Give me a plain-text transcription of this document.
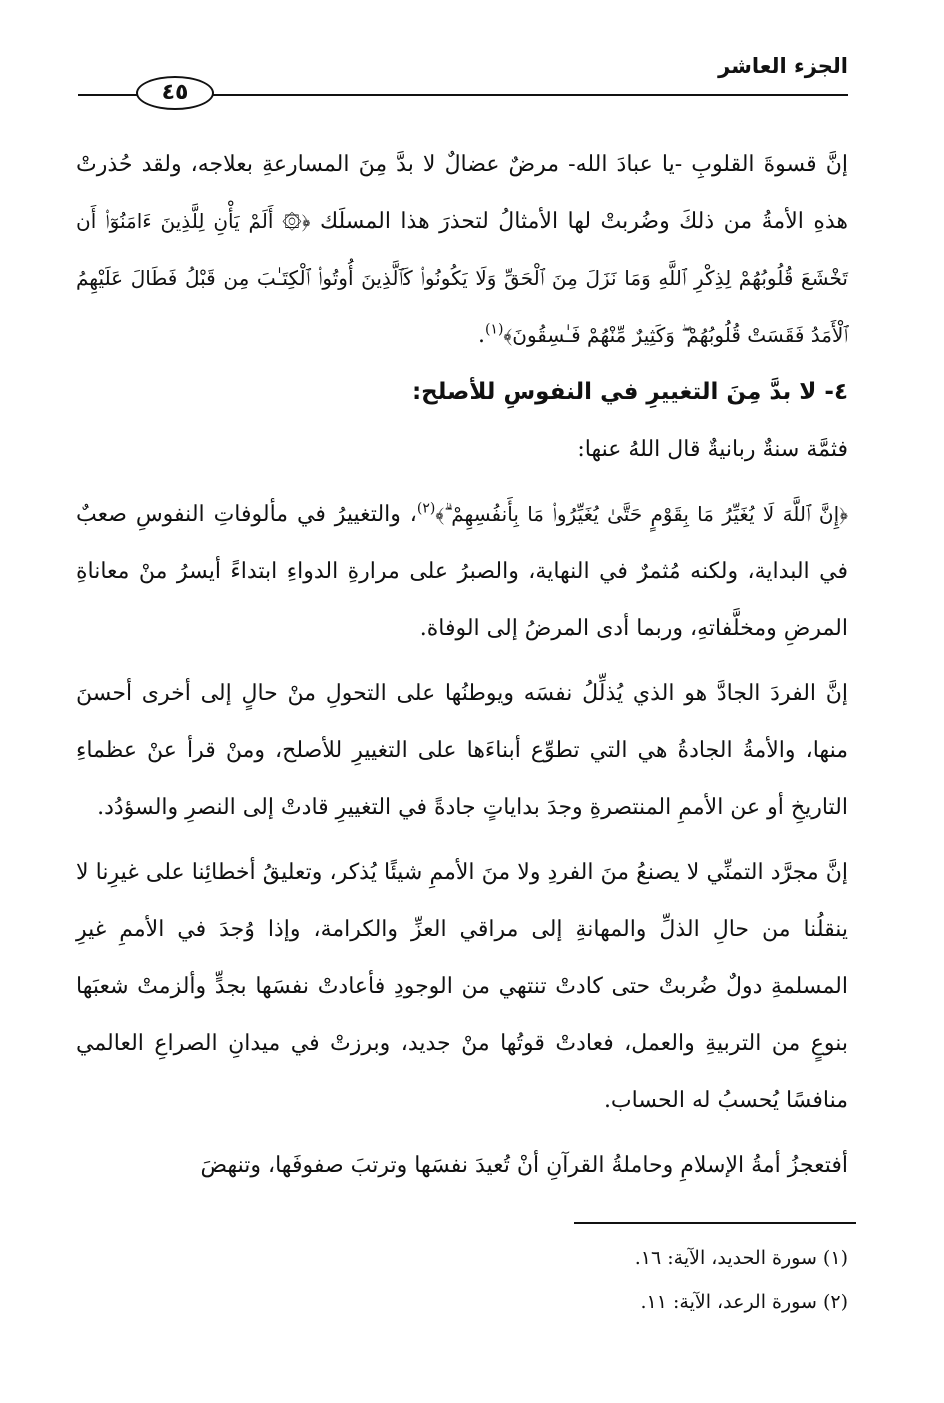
الجزء العاشر
٤٥

إنَّ قسوةَ القلوبِ -يا عبادَ الله- مرضٌ عضالٌ لا بدَّ مِنَ المسارعةِ بعلاجه، ولقد حُذرتْ هذهِ الأمةُ من ذلكَ وضُربتْ لها الأمثالُ لتحذرَ هذا المسلَك ﴿۞ أَلَمْ يَأْنِ لِلَّذِينَ ءَامَنُوٓا۟ أَن تَخْشَعَ قُلُوبُهُمْ لِذِكْرِ ٱللَّهِ وَمَا نَزَلَ مِنَ ٱلْحَقِّ وَلَا يَكُونُوا۟ كَٱلَّذِينَ أُوتُوا۟ ٱلْكِتَـٰبَ مِن قَبْلُ فَطَالَ عَلَيْهِمُ ٱلْأَمَدُ فَقَسَتْ قُلُوبُهُمْ ۖ وَكَثِيرٌ مِّنْهُمْ فَـٰسِقُونَ﴾$^{(١)}$.

٤- لا بدَّ مِنَ التغييرِ في النفوسِ للأصلح:

فثمَّة سنةٌ ربانيةٌ قال اللهُ عنها:

﴿إِنَّ ٱللَّهَ لَا يُغَيِّرُ مَا بِقَوْمٍ حَتَّىٰ يُغَيِّرُوا۟ مَا بِأَنفُسِهِمْ ۗ﴾$^{(٢)}$، والتغييرُ في مألوفاتِ النفوسِ صعبٌ في البداية، ولكنه مُثمرٌ في النهاية، والصبرُ على مرارةِ الدواءِ ابتداءً أيسرُ منْ معاناةِ المرضِ ومخلَّفاتهِ، وربما أدى المرضُ إلى الوفاة.

إنَّ الفردَ الجادَّ هو الذي يُذلِّلُ نفسَه ويوطنُها على التحولِ منْ حالٍ إلى أخرى أحسنَ منها، والأمةُ الجادةُ هي التي تطوِّع أبناءَها على التغييرِ للأصلح، ومنْ قرأ عنْ عظماءِ التاريخِ أو عن الأممِ المنتصرةِ وجدَ بداياتٍ جادةً في التغييرِ قادتْ إلى النصرِ والسؤدُد.

إنَّ مجرَّد التمنِّي لا يصنعُ منَ الفردِ ولا منَ الأممِ شيئًا يُذكر، وتعليقُ أخطائِنا على غيرِنا لا ينقلُنا من حالِ الذلِّ والمهانةِ إلى مراقي العزِّ والكرامة، وإذا وُجدَ في الأممِ غيرِ المسلمةِ دولٌ ضُربتْ حتى كادتْ تنتهي من الوجودِ فأعادتْ نفسَها بجدٍّ وألزمتْ شعبَها بنوعٍ من التربيةِ والعمل، فعادتْ قوتُها منْ جديد، وبرزتْ في ميدانِ الصراعِ العالمي منافسًا يُحسبُ له الحساب.

أفتعجزُ أمةُ الإسلامِ وحاملةُ القرآنِ أنْ تُعيدَ نفسَها وترتبَ صفوفَها، وتنهضَ

(١) سورة الحديد، الآية: ١٦.

(٢) سورة الرعد، الآية: ١١.
